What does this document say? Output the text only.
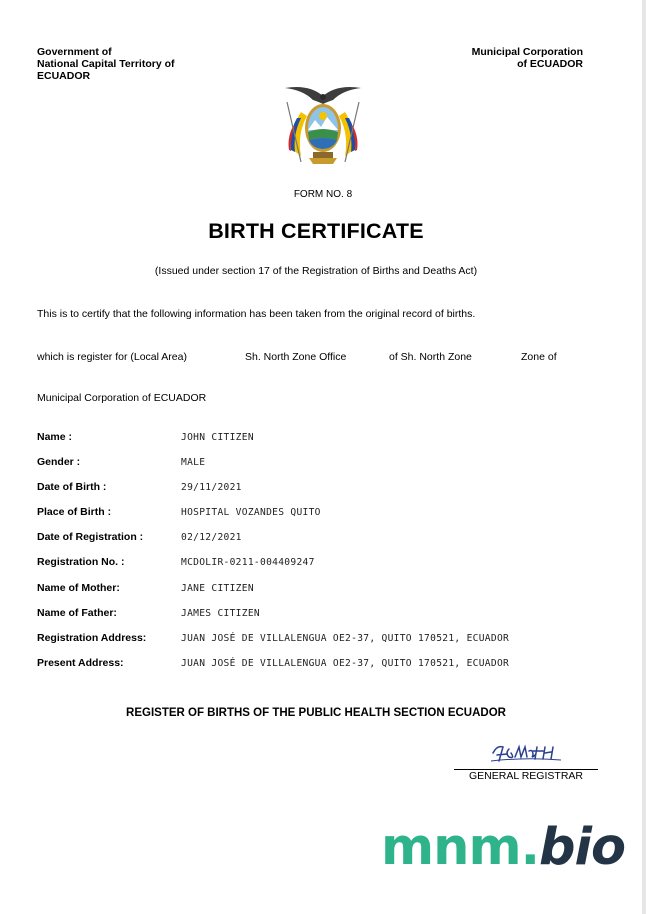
Government of
National Capital Territory of
ECUADOR
Municipal Corporation
of ECUADOR
FORM NO. 8
BIRTH CERTIFICATE
(Issued under section 17 of the Registration of Births and Deaths Act)
This is to certify that the following information has been taken from the original record of births.
which is register for (Local Area)	Sh. North Zone Office	of Sh. North Zone	Zone of
Municipal Corporation of ECUADOR
Name :	JOHN CITIZEN
Gender :	MALE
Date of Birth :	29/11/2021
Place of Birth :	HOSPITAL VOZANDES QUITO
Date of Registration :	02/12/2021
Registration No. :	MCDOLIR-0211-004409247
Name of Mother:	JANE CITIZEN
Name of Father:	JAMES CITIZEN
Registration Address:	JUAN JOSÉ DE VILLALENGUA OE2-37, QUITO 170521, ECUADOR
Present Address:	JUAN JOSÉ DE VILLALENGUA OE2-37, QUITO 170521, ECUADOR
REGISTER OF BIRTHS OF THE PUBLIC HEALTH SECTION ECUADOR
GENERAL REGISTRAR
mnm.bio
